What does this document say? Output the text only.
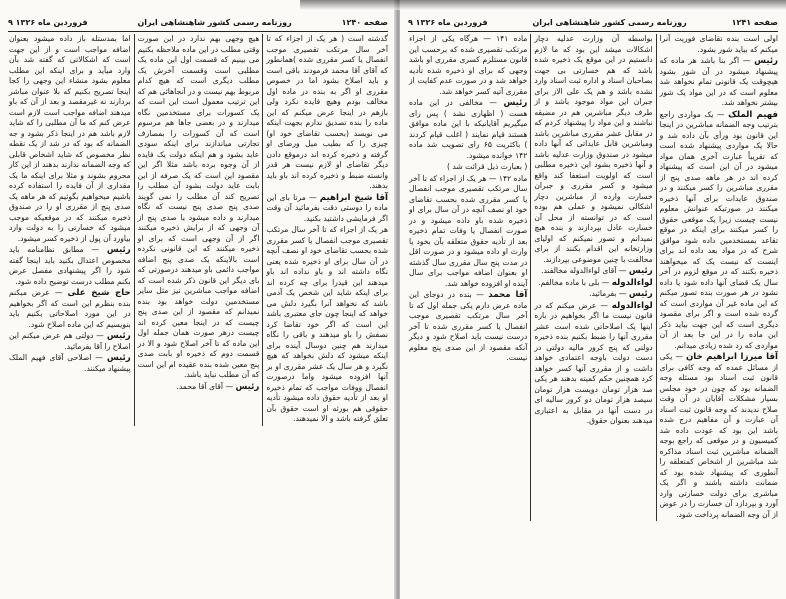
۹ فروردین ماه ۱۳۲۶	روزنامه رسمی کشور شاهنشاهی ایران	صفحه ۱۲۴۰

گذشته است ( هر یک از اجزاء که تا آخر سال مرتکب تقصیری موجب انفصال یا کسر مقرری شده )همانطور که آقای آقا محمد فرمودند باقی است و باید اصلاح بشود اما در خصوص مقرری او اگر به بنده در ماده اول مخالف بودم وهیچ فایده نکرد ولی بازهم در اینجا عرض میکنم که این ماده را بنده تصدیق ندارم بجهت اینکه می نویسد (بحسب تقاضای خود او) چیزی را که بطیب میل ورضای او گرفته و ذخیره کرده اند درموقع دادن دیگر تقاضای او لازم نیست هر قدر وانسته ضبط و ذخیره کرده اند باو باید بدهند.

آقا شیخ ابراهیم — مرتا بای این ماده را دوستی دقت بفرمائید آن وقت اگر فرمایشی داشتید بکنید.

هر یک از اجزاء که تا آخر سال مرتکب تقصیری موجب انفصال یا کسر مقرری شده بحسب تقاضای خود او نصف آنچه در آن سال برای او ذخیره شده یعنی نگاه داشته اند و باو نداده اند باو میدهند این قیدرا برای چه کرده اند برای اینکه شاید این شخص یک آدمی باشد که نخواهد آنرا بگیرد دلش می خواهد که اینجا چون جای معتبری باشد این است که اگر خود تقاضا کرد نصفش را باو میدهند و باقی را نگاه میدارند هم چنین دوسال آینده برای اینکه میشود که دلش بخواهد که هیچ نگیرد و هر سال یک عشر مقرری او بر آنها افزوده میشود واما درصورت انفصال ووفات مواجب که تمام ذخیره او بعد از تأدیه حقوق داده میشود تأدیه حقوقی هم بورثه او است حقوق بآن تعلق گرفته باشد و الا نمیدهند.

هیچ وجهی بهم ندارد در این صورت وقتی مطلب در این ماده ملاحظه بکنیم می بینیم که قسمت اول این ماده یک مطلبی است وقسمت آخرش یک مطلب دیگری است که هیچ کدام مربوط بهم نیست و در آنجاهائی هم که این ترتیب معمول است این است که یک کسورات برای مستخدمین نگاه میدارند و در بعضی جاها هم مرسوم است که آن کسورات را بمصارف تجارتی میاندازند برای اینکه سودی عاید بشود و هم اینکه دولت یک فایده از آن وجوه برده باشد مثلا اگر این مقصود این است که یک صرفه از این بابت عاید دولت بشود آن مطلب را تصریح کند آن مطلب را نمی گویند صدی پنج صدی پنج نیست که نگاه میدارند و داده میشود یا صدی پنج از آن وجهی که از برایش ذخیره میکنند اگر از آن وجهی است که برای او ذخیره میکنند که این قانونی نکرده است بالاینکه یک صدی پنج اضافه مواجب دائمی باو میدهند درصورتی که بای دیگر این قانون ذکر شده است که اضافه مواجب مباشرین نیز مثل سایر مستخدمین دولت خواهد بود بنده نمیدانم که مقصود از این صدی پنج چیست که در اینجا معین کرده اند چیست درهر صورت همان جمله اول این ماده که تا آخر اصلاح شود و الا در قسمت دوم که ذخیره او بابت صدی پنج معین شده بنده عقیده ام این است که آن مطلب نباید باشد.

رئیس — آقای آقا محمد.

اما بمدستله باز داده میشود بعنوان اضافه مواجب است و از این جهت است که اشکالاتی که گفته شد بآن وارد میآید و برای اینکه این مطلب معلوم بشود منشاء این وجهی را کجا اینجا تصریح بکنیم که بلا عنوان مباشر بردارند نه غیرمقصد و بعد از آن که باو میدهند اضافه مواجب است لازم است عرض کنم که ما آن مطلبی را که شاید لازم باشد هم در اینجا ذکر بشود و جه الضمانه که بود که در شد از یک نقطه نظر مخصوص که شاید اشخاص قابلی که وجه الضمانه ندارند بدهند از این کار محروم بشوند و مثلا برای اینکه ما یک مقداری از آن فایده را استفاده کرده باشیم میخواهیم بگوئیم که هر ماهه یک صدی پنج از مقرری او را در صندوق ذخیره میکنند که در موقعیکه موجب میشود که خسارتی را به دولت وارد بیاورد آن پول از ذخیره کسر میشود.

رئیس — مطابق نظامنامه باید مخصوص اعتدال بکنید باید اینجا گفته شود را اگر پیشنهادی مفصل عرض بکنم مطلب درست توضیح داده شود.

حاج شیخ علی — عرض میکنم بنده بنظرم این است که اگر بخواهیم در این مورد اصلاحاتی بکنیم باید بنویسیم که این ماده اصلاح شود.

رئیس — دولتی هم عرض میکنم این اصلاح را آقا بفرمائید.

رئیس — اصلاحی آقای فهیم الملک پیشنهاد میکنند.

۹ فروردین ماه ۱۳۲۶	روزنامه رسمی کشور شاهنشاهی ایران	صفحه ۱۲۴۱

اولی است بنده تقاضای فوریت آنرا میکنم که بباید شور بشود.

رئیس — اگر بنا باشد هر ماده که پیشنهاد میشود در آن شور بشود هیچوقت یک قانونی تمام نخواهد شد معلوم است که در این مواد یک شور بیشتر نخواهد شد.

فهیم الملک — یک مواردی راجع بترتیب وجه الضمانه مباشرین در اینجا این قانون بود ورأی بآن داده شد و حالا یک مواردی پیشنهاد شده است که تقریباً عبارت آخری همان مواد میشود در آن این است که پیشنهاد کرده اند در هر ماهه صدی پنج از مقرری مباشرین را کسر میکنند و در صندوق عایدات برای آنها ذخیره میکنند در صورتیکه عنوانش معلوم نیست چیست زیرا یک موقعی حقوق را کسر میکنند برای اینکه در موقع تقاعد بمستخدمین داده شود مواقق شرح که در مواد بعد داده اند برای اینست که نیست یک که میخواهند ذخیره بکنند که در موقع لزوم در آخر سال یک قضای آنها داده شود یا داده نشود در هر صورت بنده تصور میکنم که این ماده غیر آن مواردی است که گرده شده است و اگر برای مقصود دیگری است که این جهت بیاید ذکر این ماده را در این جا بعد از آن مواردی که رد شده زیادی میدانم.

آقا میرزا ابراهیم خان — یکی از مسائل عمده که وجه کافی برای قانون ثبت اسناد بود مسئله وجه الضمانه بود که چون در خود مجلس بسیار مشکلات آقایان در آن وقت صلاح ندیدند که وجه قانون ثبت اسناد آن عبارت و آن مفاهیم درج شده باشد این بود که عودت داده شد کمیسیون و در موقعی که راجع بوجه الضمانه مباشرین ثبت اسناد مذاکره شد مباشرین از اشخاص کمتعلقه را آنطوری که پیشنهاد شده بود که ضمانت داشته باشند و اگر یک مباشری برای دولت خسارتی وارد آورد و بپردازد آن خسارت را در عوض از آن وجه الضمانه پرداخت شود.

بواسطه آن وزارت عدلیه دچار اشکالات میشد این بود که ما لازم دانستیم در این موقع یک ذخیره شده باشد که هم خسارتی بی جهت بصاحبان اسناد و اداره ثبت اسناد وارد نشده باشد و هم یک علی الاز برای جبران این مواد موجود باشد و از طرف دیگر مباشرین هم در مضیقه نباشند و این مواد را پیشنهاد کردم که در مقابل عشر مقرری مباشرین باشد ومباشرین قابل عایداتی که آنها داده میشود در صندوق وزارت عدلیه باشد و آنها ذخیره بشود این ذخیره مطلبی است که اولویت استعفا کند واقع میشود و کسر مقرری و جبران خسارت وارده از مباشرین دچار اشکالی نمیشود و عملی هم بوده است که در توانسته از محل آن خسارت عادل بپردازند و بنده هیچ نمیدانم و تصور نمیکنم که اولیای وزارتخانه این اقدام بکنند از برای مخالفت با چنین موضوعی بپردازند.

رئیس — آقای لواءالدوله مخالفند.

لواءالدوله — بلی با ماده مخالفم.

رئیس — بفرمائید.

لواءالدوله — عرض میکنم که در قانون نیست ما اگر بخواهیم در باره اینها یک اصلاحاتی شده است عشر مقرری آنها را ضبط بکنیم بنده ذخیره دولتی که پنج کرور مالیه دولتی در دست دولت باوجه اعتمادی خواهد داشت و از مقرری آنها کسر خواهد کرد همچنین حکم کمیته بدهند هر یکی صد هزار تومان دویست هزار تومان سیصد هزار تومان دو کرور سالیه ای در دست آنها در مقابل به اعتباری میدهند بعنوان حقوق.

ماده ۱۴۱ — هرگاه یکی از اجزاء مرتکب تقصیری شده که برحسب این قانون مستلزم کسری مقرری او باشد وجهی که برای او ذخیره شده تأدیه خواهد شد و در صورت عدم کفایت از مقرری آتیه کسر خواهد شد.

رئیس — مخالفی در این ماده هست ( اظهاری نشد ) پس رای میگیریم آقایانیکه با این ماده موافق هستند قیام نمایند ( اغلب قیام کردند ) باکثریت ۶۵ رای تصویب شد ماده ۱۴۲ خوانده میشود.

( بعبارت ذیل قرائت شد )

ماده ۱۴۲ — هر یک از اجزاء که تا آخر سال مرتکب تقصیری موجب انفصال یا کسر مقرری شده بحسب تقاضای خود او نصف آنچه در آن سال برای او ذخیره شده باو داده میشود و در صورت انفصال یا وفات تمام ذخیره بعد از تأدیه حقوق متعلقه بآن بخود یا وارث او داده میشود و در صورت اقل در مدت پنج سال مقرری سال گذشته او بعنوان اضافه مواجب برای سال آینده او افزوده خواهد شد.

آقا محمد — بنده در دوجای این ماده عرض دارم یکی جمله اول که تا آخر سال مرتکب تقصیری موجب انفصال یا کسر مقرری شده تا آخر درست نیست باید اصلاح شود و دیگر آنکه مقصود از این صدی پنج معلوم نیست.
